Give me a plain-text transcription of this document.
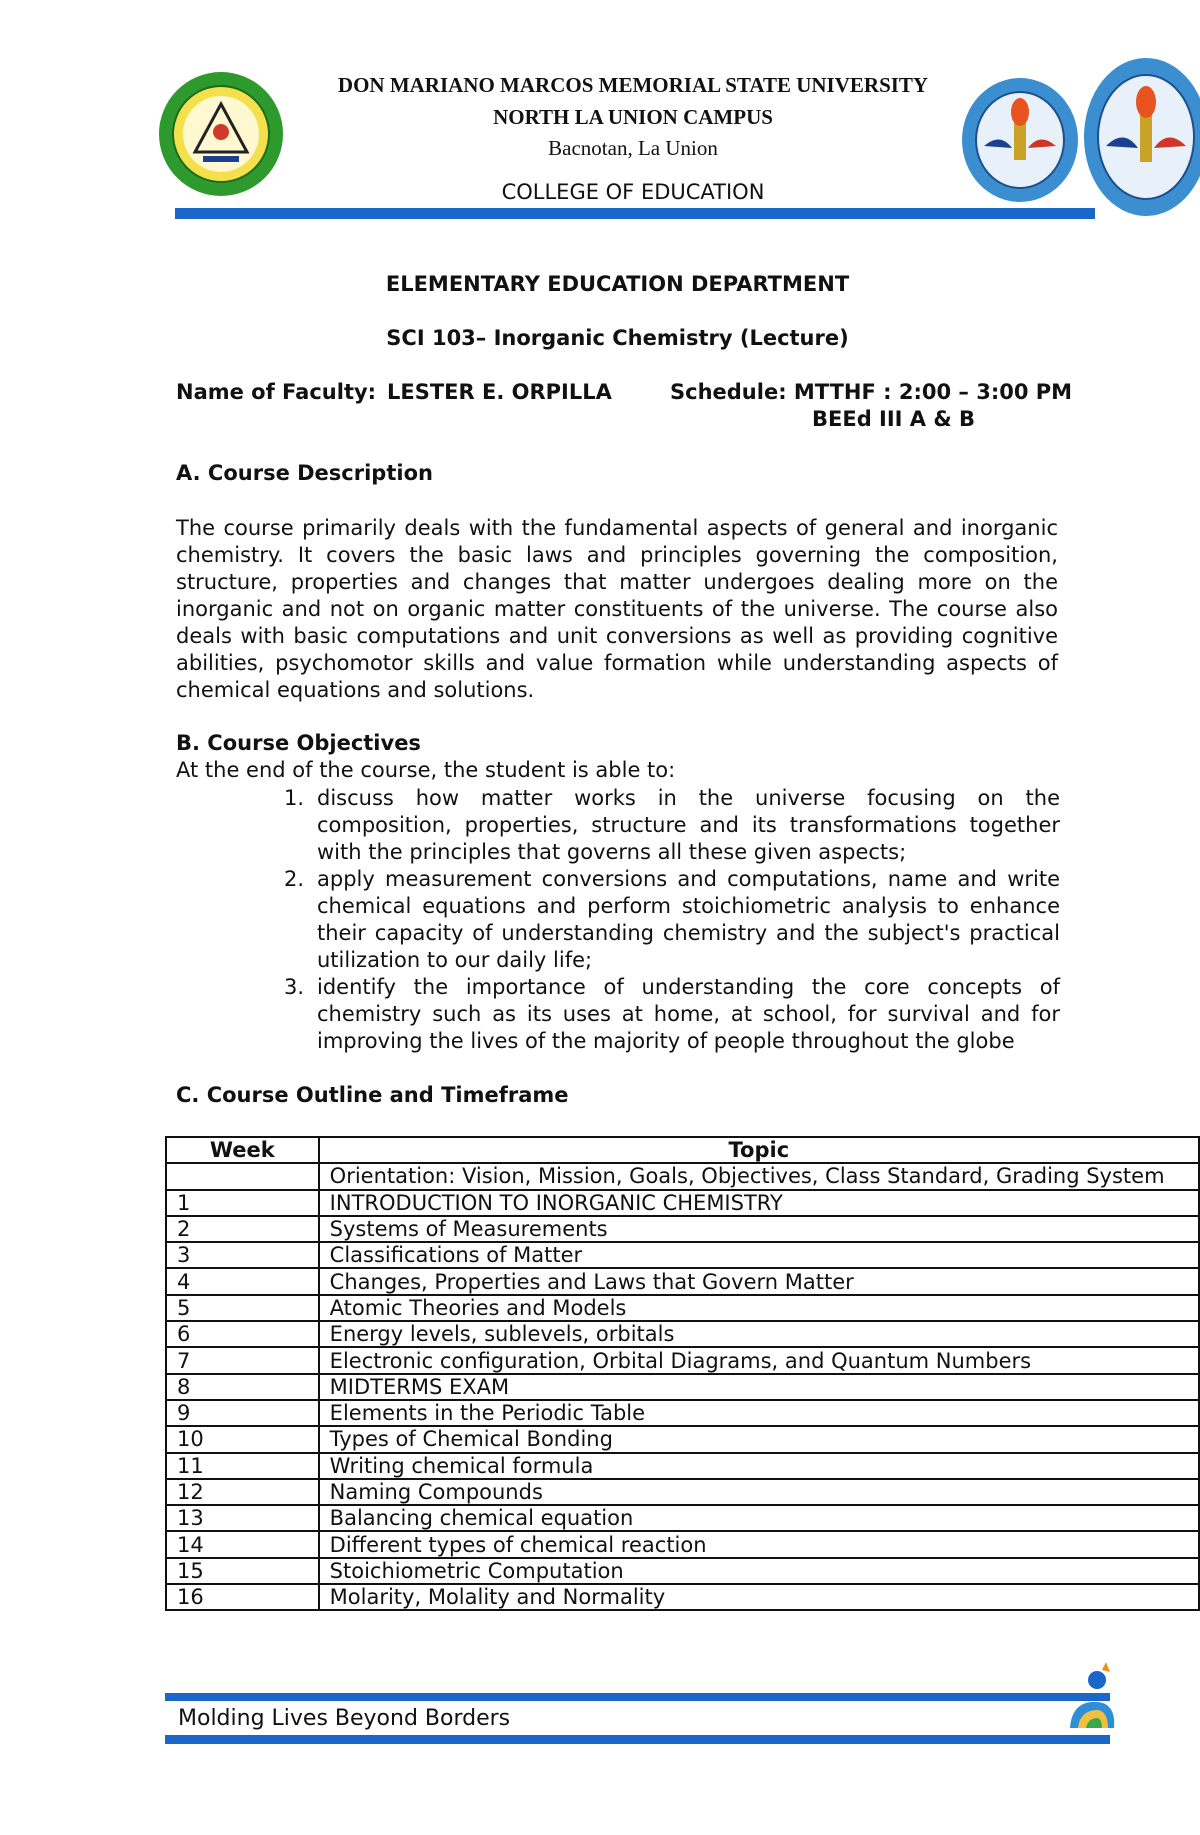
DON MARIANO MARCOS MEMORIAL STATE UNIVERSITY
NORTH LA UNION CAMPUS
Bacnotan, La Union
COLLEGE OF EDUCATION
ELEMENTARY EDUCATION DEPARTMENT
SCI 103– Inorganic Chemistry (Lecture)
Name of Faculty: LESTER E. ORPILLA	Schedule: MTTHF : 2:00 – 3:00 PM
BEEd III A & B
A. Course Description

The course primarily deals with the fundamental aspects of general and inorganic chemistry. It covers the basic laws and principles governing the composition, structure, properties and changes that matter undergoes dealing more on the inorganic and not on organic matter constituents of the universe. The course also deals with basic computations and unit conversions as well as providing cognitive abilities, psychomotor skills and value formation while understanding aspects of chemical equations and solutions.

B. Course Objectives
At the end of the course, the student is able to:
1. discuss how matter works in the universe focusing on the composition, properties, structure and its transformations together with the principles that governs all these given aspects;
2. apply measurement conversions and computations, name and write chemical equations and perform stoichiometric analysis to enhance their capacity of understanding chemistry and the subject's practical utilization to our daily life;
3. identify the importance of understanding the core concepts of chemistry such as its uses at home, at school, for survival and for improving the lives of the majority of people throughout the globe
C. Course Outline and Timeframe
Week	Topic
	Orientation: Vision, Mission, Goals, Objectives, Class Standard, Grading System
1	INTRODUCTION TO INORGANIC CHEMISTRY
2	Systems of Measurements
3	Classifications of Matter
4	Changes, Properties and Laws that Govern Matter
5	Atomic Theories and Models
6	Energy levels, sublevels, orbitals
7	Electronic configuration, Orbital Diagrams, and Quantum Numbers
8	MIDTERMS EXAM
9	Elements in the Periodic Table
10	Types of Chemical Bonding
11	Writing chemical formula
12	Naming Compounds
13	Balancing chemical equation
14	Different types of chemical reaction
15	Stoichiometric Computation
16	Molarity, Molality and Normality
Molding Lives Beyond Borders
